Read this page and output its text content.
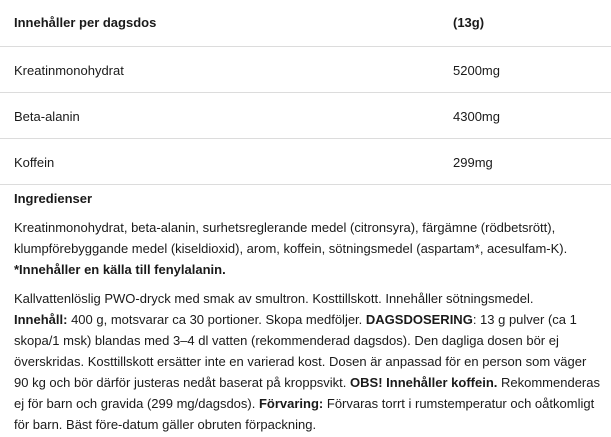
Innehåller per dagsdos	(13g)
Kreatinmonohydrat	5200mg
Beta-alanin	4300mg
Koffein	299mg

Ingredienser

Kreatinmonohydrat, beta-alanin, surhetsreglerande medel (citronsyra), färgämne (rödbetsrött), klumpförebyggande medel (kiseldioxid), arom, koffein, sötningsmedel (aspartam*, acesulfam-K).

*Innehåller en källa till fenylalanin.

Kallvattenlöslig PWO-dryck med smak av smultron. Kosttillskott. Innehåller sötningsmedel.
Innehåll: 400 g, motsvarar ca 30 portioner. Skopa medföljer. DAGSDOSERING: 13 g pulver (ca 1 skopa/1 msk) blandas med 3–4 dl vatten (rekommenderad dagsdos). Den dagliga dosen bör ej överskridas. Kosttillskott ersätter inte en varierad kost. Dosen är anpassad för en person som väger 90 kg och bör därför justeras nedåt baserat på kroppsvikt. OBS! Innehåller koffein. Rekommenderas ej för barn och gravida (299 mg/dagsdos). Förvaring: Förvaras torrt i rumstemperatur och oåtkomligt för barn. Bäst före-datum gäller obruten förpackning.
